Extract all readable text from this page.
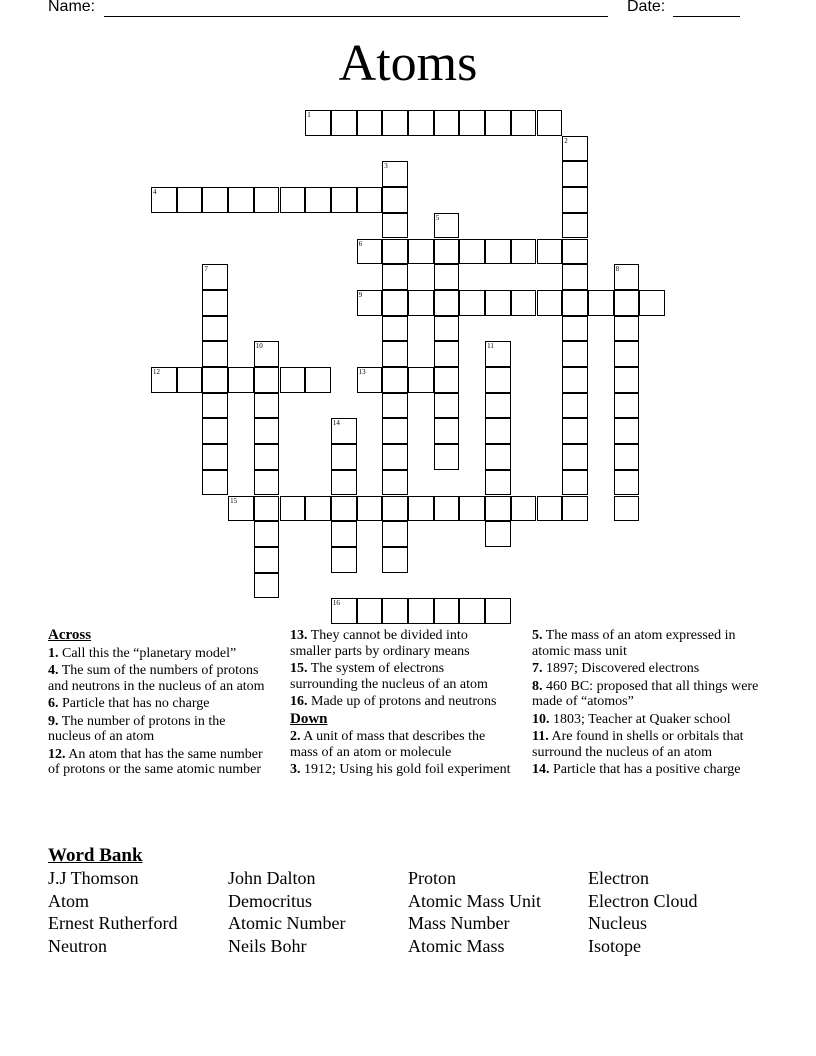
Name:	Date:
Atoms
1
2
3
4
5
6
7	8
9
10	11
12	13
14
15
16

Across

1. Call this the “planetary model”

4. The sum of the numbers of protons and neutrons in the nucleus of an atom

6. Particle that has no charge

9. The number of protons in the nucleus of an atom

12. An atom that has the same number of protons or the same atomic number

13. They cannot be divided into smaller parts by ordinary means

15. The system of electrons surrounding the nucleus of an atom

16. Made up of protons and neutrons

Down

2. A unit of mass that describes the mass of an atom or molecule

3. 1912; Using his gold foil experiment

5. The mass of an atom expressed in atomic mass unit

7. 1897; Discovered electrons

8. 460 BC: proposed that all things were made of “atomos”

10. 1803; Teacher at Quaker school

11. Are found in shells or orbitals that surround the nucleus of an atom

14. Particle that has a positive charge

Word Bank
J.J Thomson	John Dalton	Proton	Electron
Atom	Democritus	Atomic Mass Unit	Electron Cloud
Ernest Rutherford	Atomic Number	Mass Number	Nucleus
Neutron	Neils Bohr	Atomic Mass	Isotope
